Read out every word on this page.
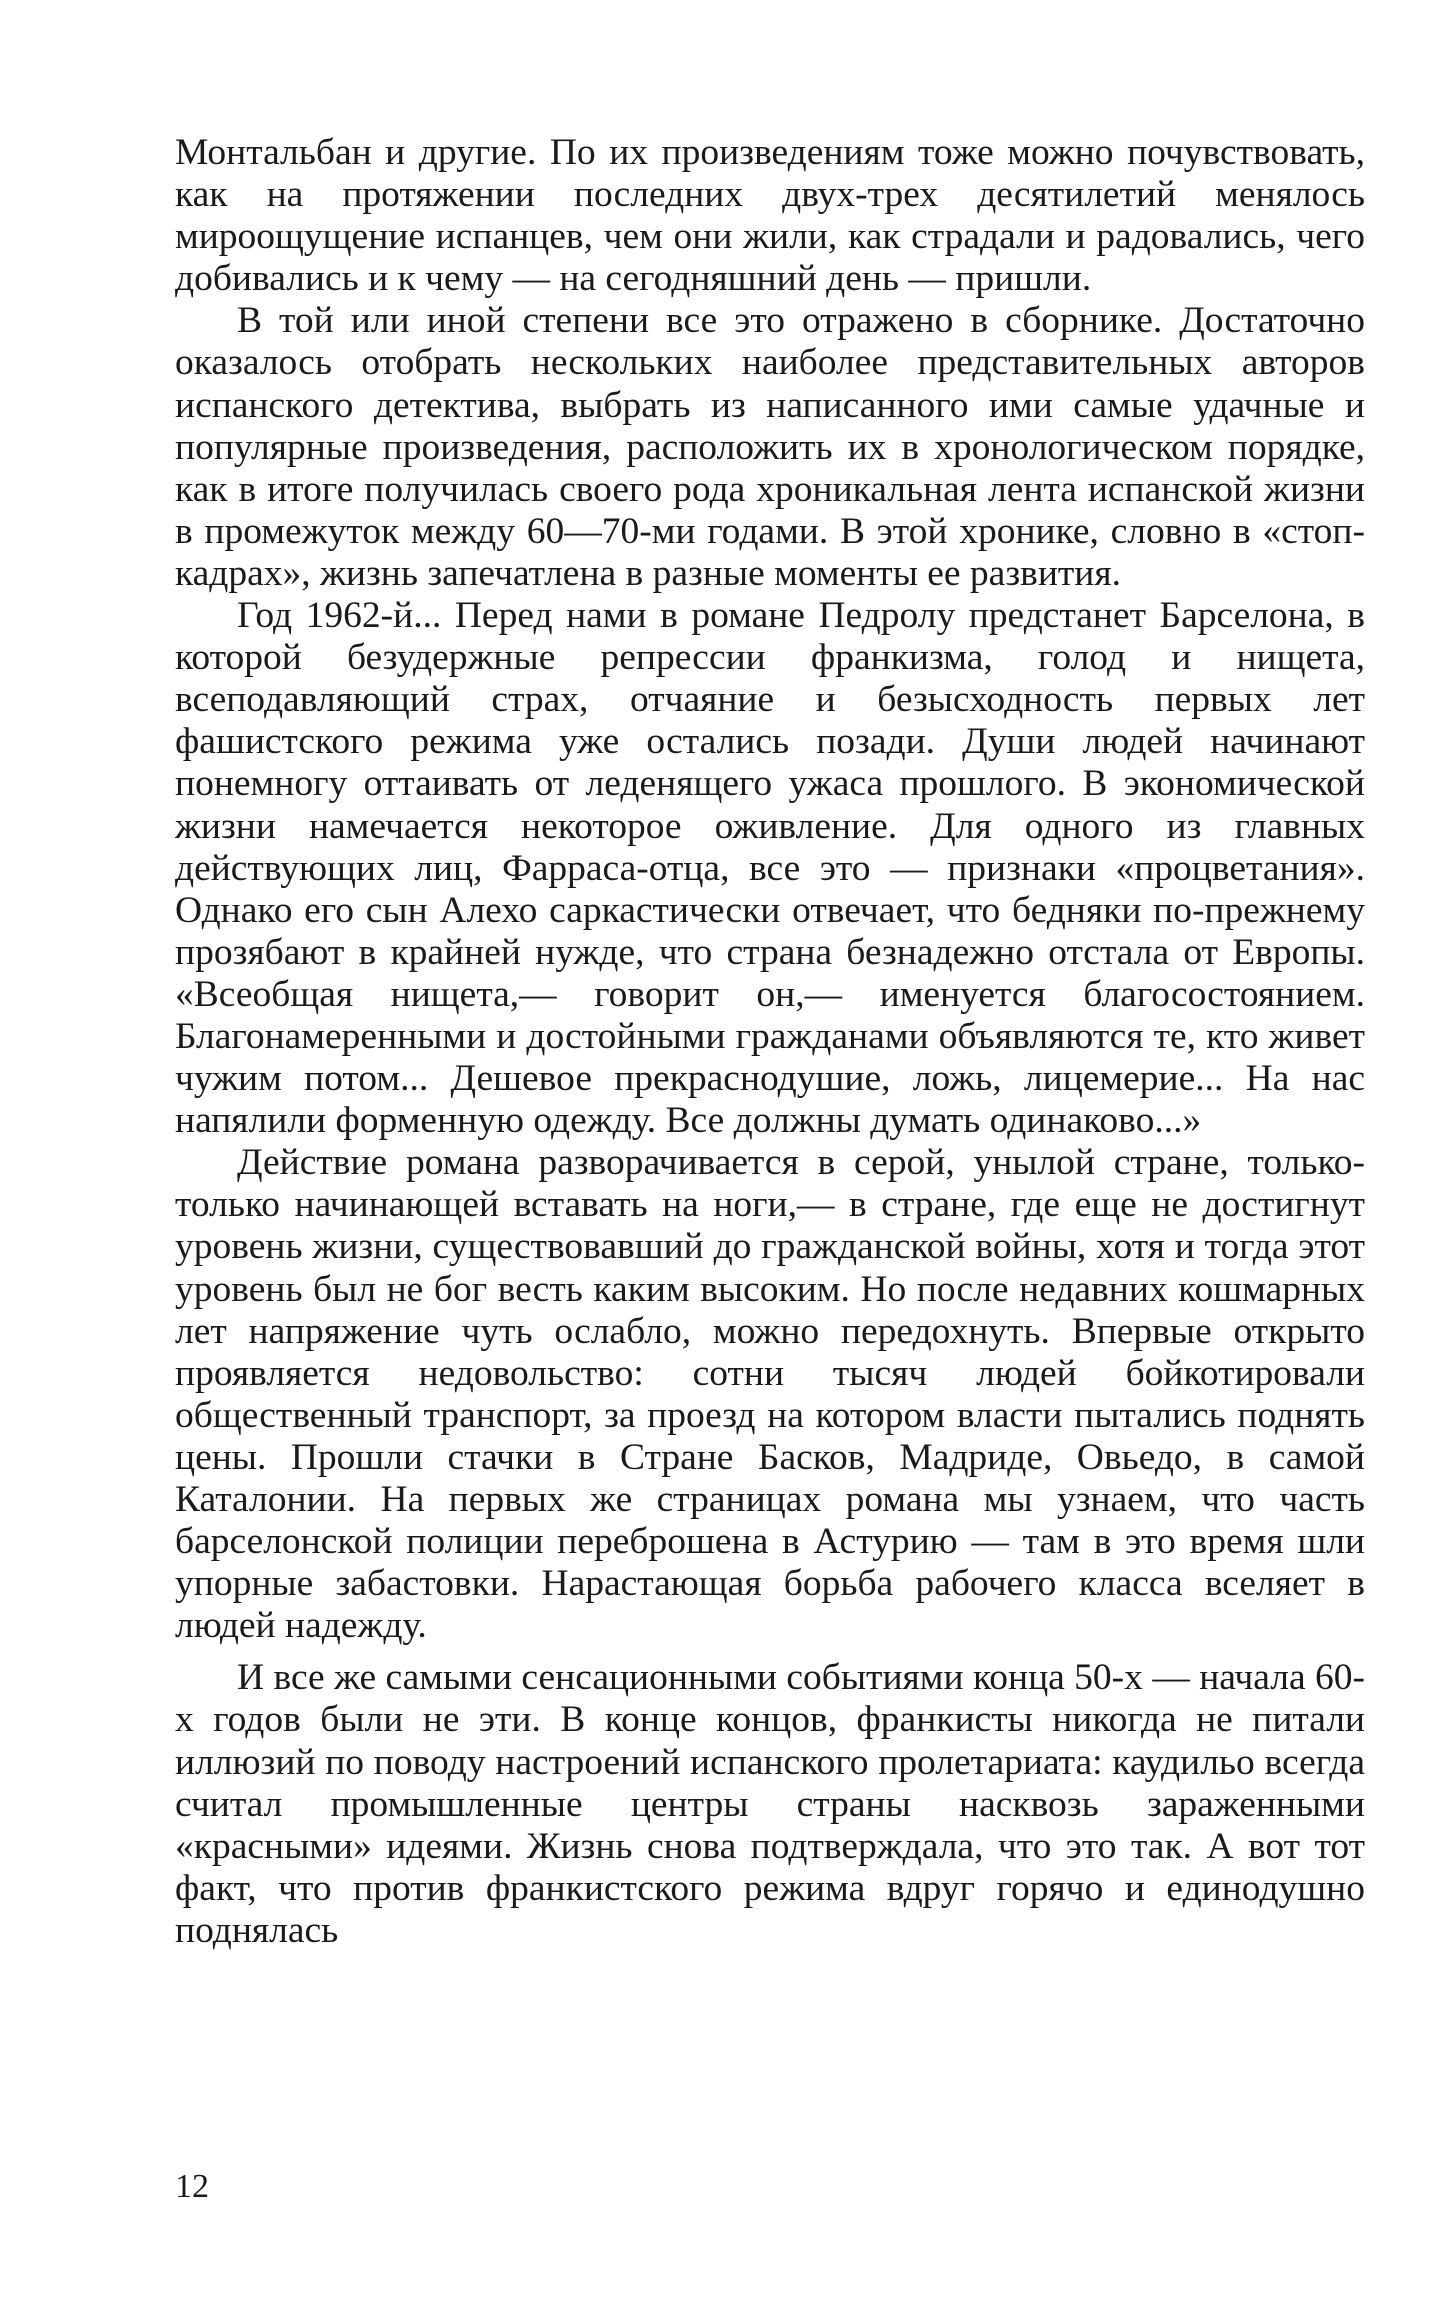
Монтальбан и другие. По их произведениям тоже можно почувствовать, как на протяжении последних двух-трех десятилетий менялось мироощущение испанцев, чем они жили, как страдали и радовались, чего добивались и к чему — на сегодняшний день — пришли.

В той или иной степени все это отражено в сборнике. Достаточно оказалось отобрать нескольких наиболее представительных авторов испанского детектива, выбрать из написанного ими самые удачные и популярные произведения, расположить их в хронологическом порядке, как в итоге получилась своего рода хроникальная лента испанской жизни в промежуток между 60—70-ми годами. В этой хронике, словно в «стоп-кадрах», жизнь запечатлена в разные моменты ее развития.

Год 1962-й... Перед нами в романе Педролу предстанет Барселона, в которой безудержные репрессии франкизма, голод и нищета, всеподавляющий страх, отчаяние и безысходность первых лет фашистского режима уже остались позади. Души людей начинают понемногу оттаивать от леденящего ужаса прошлого. В экономической жизни намечается некоторое оживление. Для одного из главных действующих лиц, Фарраса-отца, все это — признаки «процветания». Однако его сын Алехо саркастически отвечает, что бедняки по-прежнему прозябают в крайней нужде, что страна безнадежно отстала от Европы. «Всеобщая нищета,— говорит он,— именуется благосостоянием. Благонамеренными и достойными гражданами объявляются те, кто живет чужим потом... Дешевое прекраснодушие, ложь, лицемерие... На нас напялили форменную одежду. Все должны думать одинаково...»

Действие романа разворачивается в серой, унылой стране, только-только начинающей вставать на ноги,— в стране, где еще не достигнут уровень жизни, существовавший до гражданской войны, хотя и тогда этот уровень был не бог весть каким высоким. Но после недавних кошмарных лет напряжение чуть ослабло, можно передохнуть. Впервые открыто проявляется недовольство: сотни тысяч людей бойкотировали общественный транспорт, за проезд на котором власти пытались поднять цены. Прошли стачки в Стране Басков, Мадриде, Овьедо, в самой Каталонии. На первых же страницах романа мы узнаем, что часть барселонской полиции переброшена в Астурию — там в это время шли упорные забастовки. Нарастающая борьба рабочего класса вселяет в людей надежду.

И все же самыми сенсационными событиями конца 50-х — начала 60-х годов были не эти. В конце концов, франкисты никогда не питали иллюзий по поводу настроений испанского пролетариата: каудильо всегда считал промышленные центры страны насквозь зараженными «красными» идеями. Жизнь снова подтверждала, что это так. А вот тот факт, что против франкистского режима вдруг горячо и единодушно поднялась

12
